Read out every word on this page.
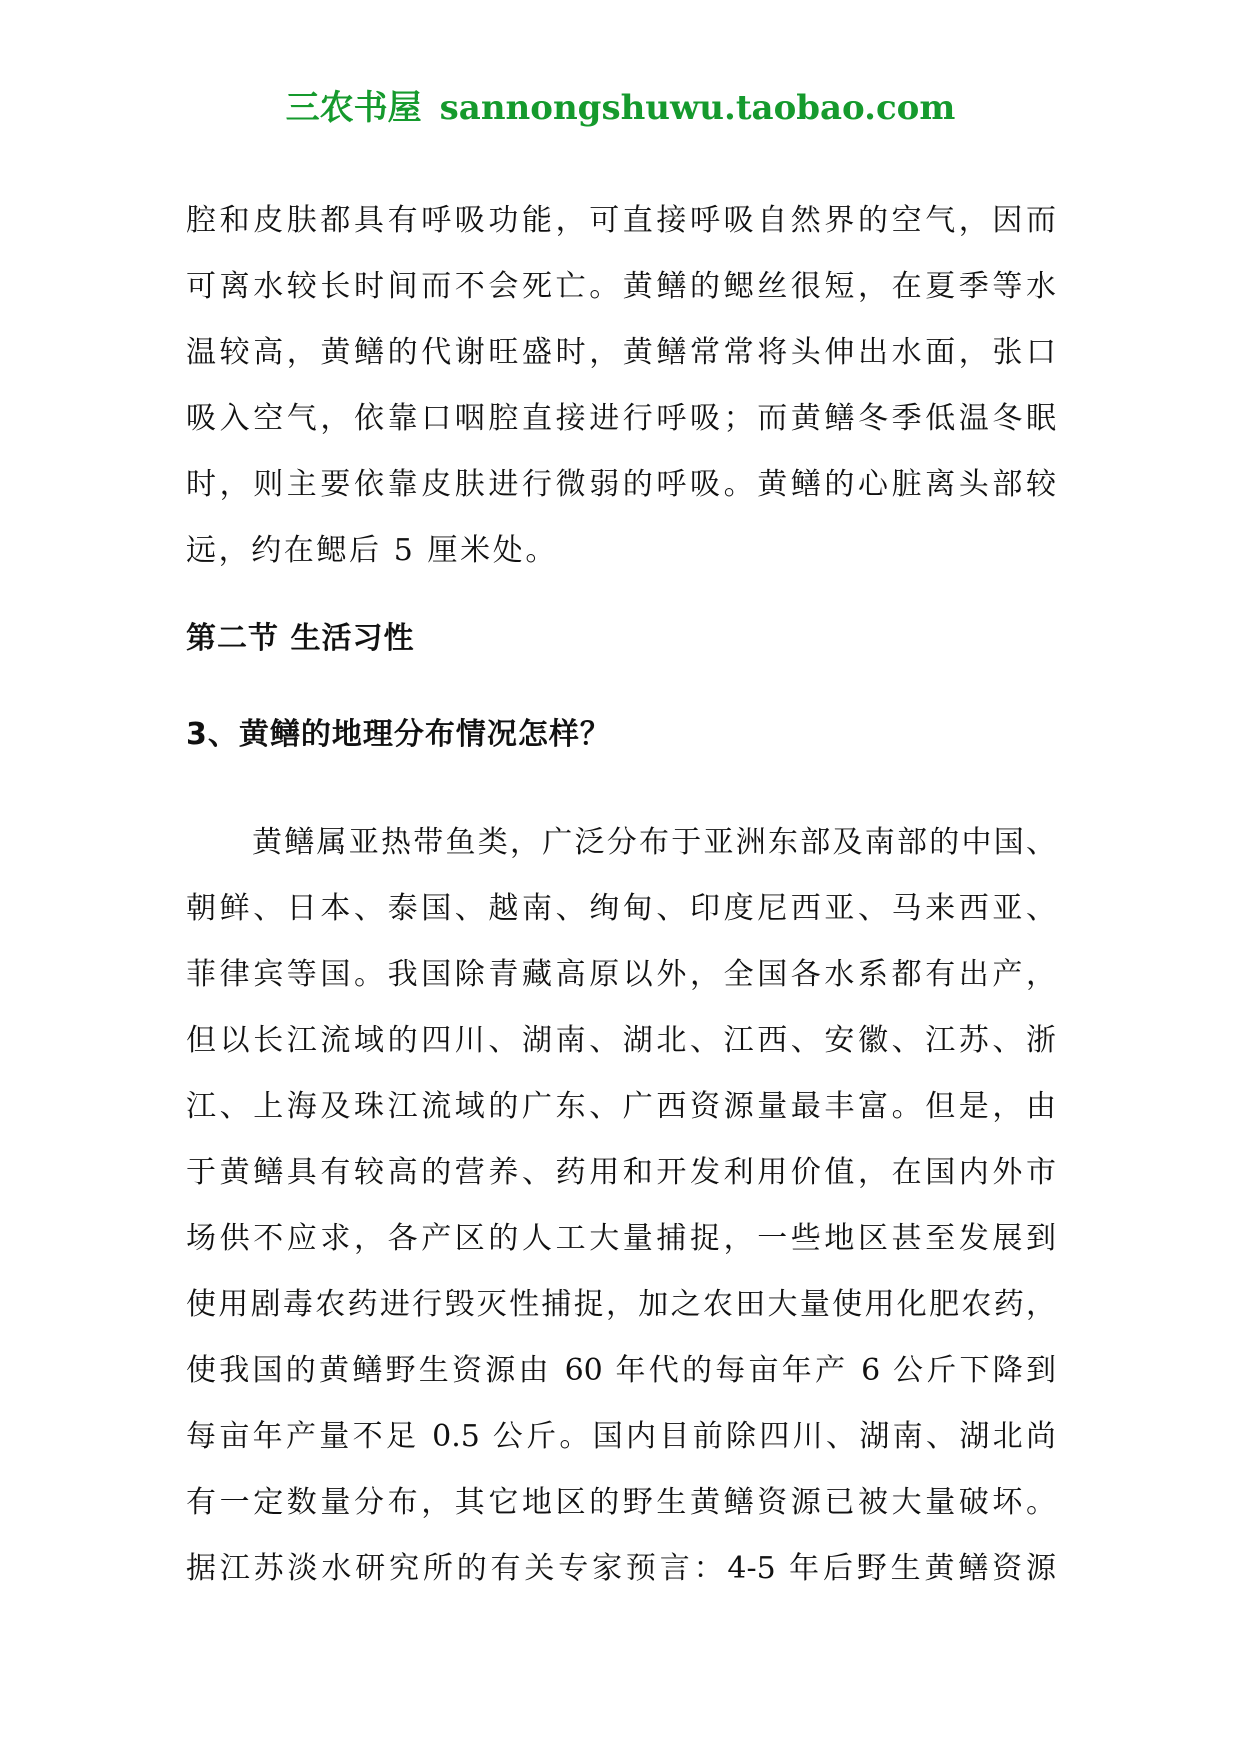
三农书屋 sannongshuwu.taobao.com
腔和皮肤都具有呼吸功能，可直接呼吸自然界的空气，因而
可离水较长时间而不会死亡。黄鳝的鳃丝很短，在夏季等水
温较高，黄鳝的代谢旺盛时，黄鳝常常将头伸出水面，张口
吸入空气，依靠口咽腔直接进行呼吸；而黄鳝冬季低温冬眠
时，则主要依靠皮肤进行微弱的呼吸。黄鳝的心脏离头部较
远，约在鳃后 5 厘米处。
第二节 生活习性
3、黄鳝的地理分布情况怎样？
黄鳝属亚热带鱼类，广泛分布于亚洲东部及南部的中国、
朝鲜、日本、泰国、越南、绚甸、印度尼西亚、马来西亚、
菲律宾等国。我国除青藏高原以外，全国各水系都有出产，
但以长江流域的四川、湖南、湖北、江西、安徽、江苏、浙
江、上海及珠江流域的广东、广西资源量最丰富。但是，由
于黄鳝具有较高的营养、药用和开发利用价值，在国内外市
场供不应求，各产区的人工大量捕捉，一些地区甚至发展到
使用剧毒农药进行毁灭性捕捉，加之农田大量使用化肥农药，
使我国的黄鳝野生资源由 60 年代的每亩年产 6 公斤下降到
每亩年产量不足 0.5 公斤。国内目前除四川、湖南、湖北尚
有一定数量分布，其它地区的野生黄鳝资源已被大量破坏。
据江苏淡水研究所的有关专家预言：4-5 年后野生黄鳝资源
